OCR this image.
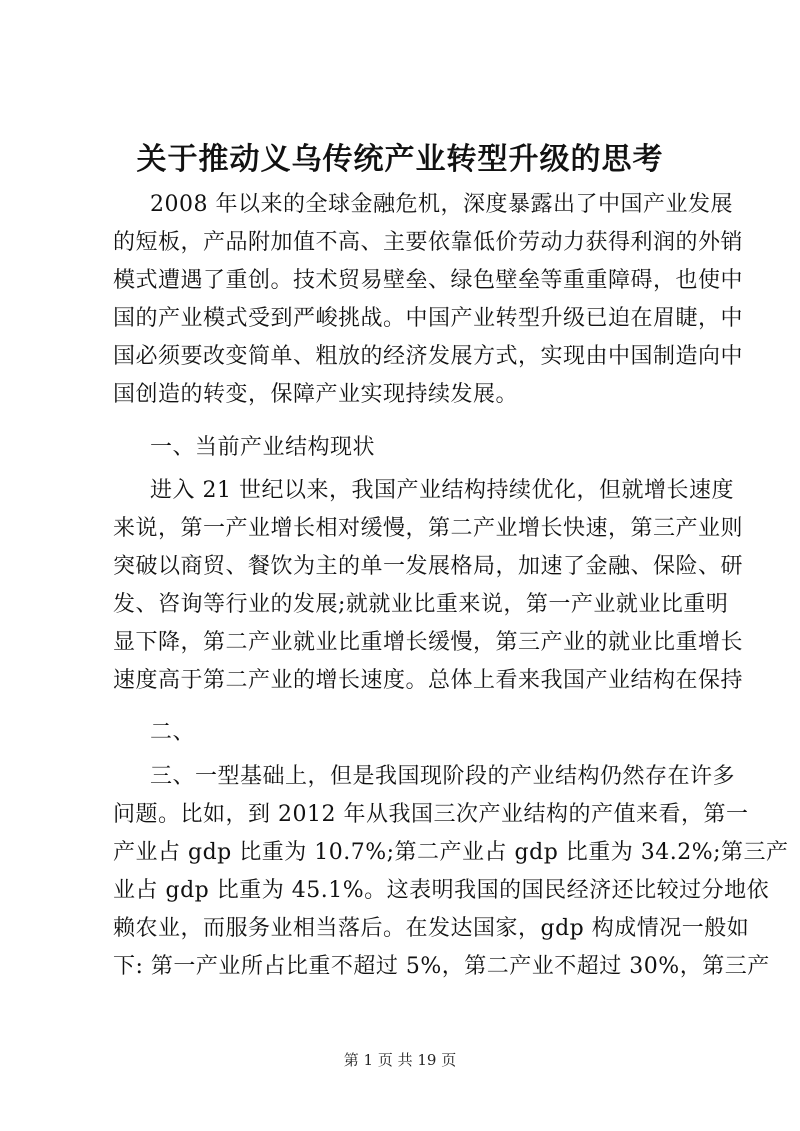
关于推动义乌传统产业转型升级的思考
2008 年以来的全球金融危机，深度暴露出了中国产业发展
的短板，产品附加值不高、主要依靠低价劳动力获得利润的外销
模式遭遇了重创。技术贸易壁垒、绿色壁垒等重重障碍，也使中
国的产业模式受到严峻挑战。中国产业转型升级已迫在眉睫，中
国必须要改变简单、粗放的经济发展方式，实现由中国制造向中
国创造的转变，保障产业实现持续发展。
一、当前产业结构现状
进入 21 世纪以来，我国产业结构持续优化，但就增长速度
来说，第一产业增长相对缓慢，第二产业增长快速，第三产业则
突破以商贸、餐饮为主的单一发展格局，加速了金融、保险、研
发、咨询等行业的发展;就就业比重来说，第一产业就业比重明
显下降，第二产业就业比重增长缓慢，第三产业的就业比重增长
速度高于第二产业的增长速度。总体上看来我国产业结构在保持
二、
三、一型基础上，但是我国现阶段的产业结构仍然存在许多
问题。比如，到 2012 年从我国三次产业结构的产值来看，第一
产业占 gdp 比重为 10.7%;第二产业占 gdp 比重为 34.2%;第三产
业占 gdp 比重为 45.1%。这表明我国的国民经济还比较过分地依
赖农业，而服务业相当落后。在发达国家，gdp 构成情况一般如
下: 第一产业所占比重不超过 5%，第二产业不超过 30%，第三产
第 1 页 共 19 页
